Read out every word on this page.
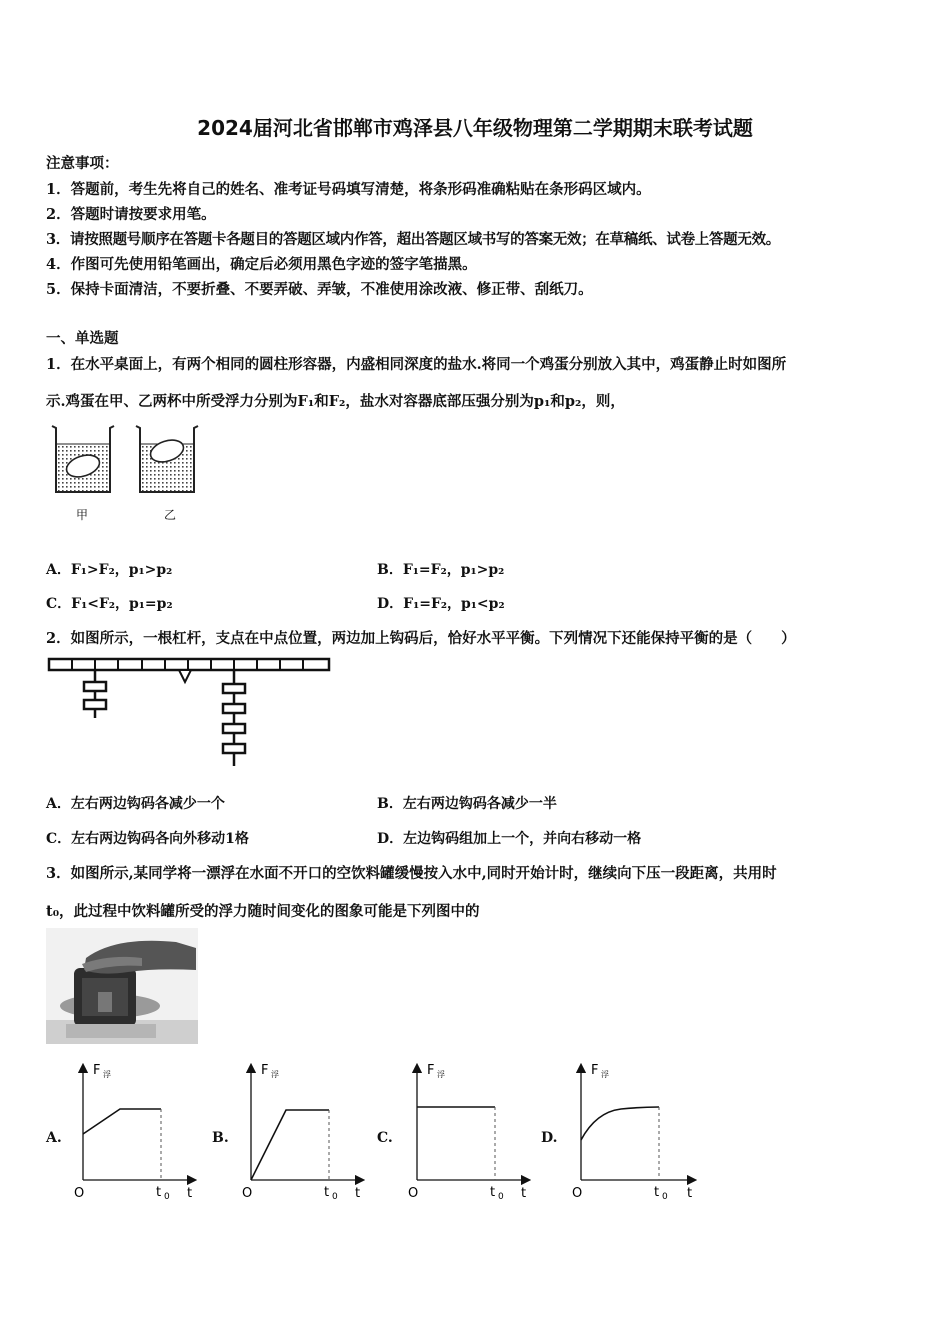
2024届河北省邯郸市鸡泽县八年级物理第二学期期末联考试题
注意事项：
1．答题前，考生先将自己的姓名、准考证号码填写清楚，将条形码准确粘贴在条形码区域内。
2．答题时请按要求用笔。
3．请按照题号顺序在答题卡各题目的答题区域内作答，超出答题区域书写的答案无效；在草稿纸、试卷上答题无效。
4．作图可先使用铅笔画出，确定后必须用黑色字迹的签字笔描黑。
5．保持卡面清洁，不要折叠、不要弄破、弄皱，不准使用涂改液、修正带、刮纸刀。
一、单选题
1．在水平桌面上，有两个相同的圆柱形容器，内盛相同深度的盐水.将同一个鸡蛋分别放入其中，鸡蛋静止时如图所
示.鸡蛋在甲、乙两杯中所受浮力分别为F₁和F₂，盐水对容器底部压强分别为p₁和p₂，则，
甲	乙
A．F₁>F₂，p₁>p₂	B．F₁=F₂，p₁>p₂
C．F₁<F₂，p₁=p₂	D．F₁=F₂，p₁<p₂
2．如图所示，一根杠杆，支点在中点位置，两边加上钩码后，恰好水平平衡。下列情况下还能保持平衡的是（　　）
A．左右两边钩码各减少一个	B．左右两边钩码各减少一半
C．左右两边钩码各向外移动1格	D．左边钩码组加上一个，并向右移动一格
3．如图所示,某同学将一漂浮在水面不开口的空饮料罐缓慢按入水中,同时开始计时，继续向下压一段距离，共用时
t₀，此过程中饮料罐所受的浮力随时间变化的图象可能是下列图中的
A.
F 浮
O	t 0 t
B.
F 浮
O	t 0 t
C.
F 浮
O	t 0 t
D.
F 浮
O	t 0 t
